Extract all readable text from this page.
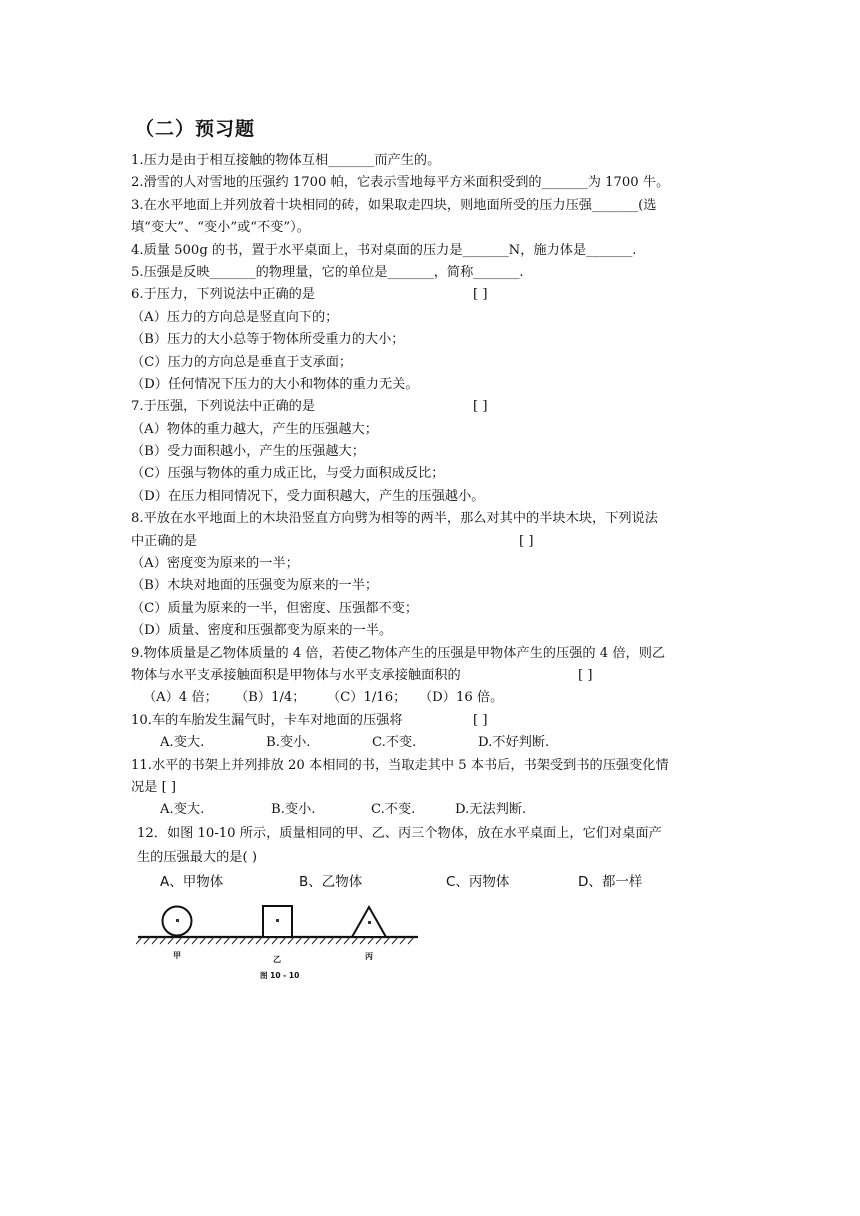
（二）预习题
1.压力是由于相互接触的物体互相_______而产生的。
2.滑雪的人对雪地的压强约 1700 帕，它表示雪地每平方米面积受到的_______为 1700 牛。
3.在水平地面上并列放着十块相同的砖，如果取走四块，则地面所受的压力压强_______(选
填“变大”、“变小”或“不变”）。
4.质量 500g 的书，置于水平桌面上，书对桌面的压力是_______N，施力体是_______.
5.压强是反映_______的物理量，它的单位是_______，简称_______.
6.于压力，下列说法中正确的是	[ ]
（A）压力的方向总是竖直向下的；
（B）压力的大小总等于物体所受重力的大小；
（C）压力的方向总是垂直于支承面；
（D）任何情况下压力的大小和物体的重力无关。
7.于压强，下列说法中正确的是	[ ]
（A）物体的重力越大，产生的压强越大；
（B）受力面积越小，产生的压强越大；
（C）压强与物体的重力成正比，与受力面积成反比；
（D）在压力相同情况下，受力面积越大，产生的压强越小。
8.平放在水平地面上的木块沿竖直方向劈为相等的两半，那么对其中的半块木块，下列说法
中正确的是	[ ]
（A）密度变为原来的一半；
（B）木块对地面的压强变为原来的一半；
（C）质量为原来的一半，但密度、压强都不变；
（D）质量、密度和压强都变为原来的一半。
9.物体质量是乙物体质量的 4 倍，若使乙物体产生的压强是甲物体产生的压强的 4 倍，则乙
物体与水平支承接触面积是甲物体与水平支承接触面积的	[ ]
（A）4 倍；	（B）1/4；	（C）1/16； （D）16 倍。
10.车的车胎发生漏气时，卡车对地面的压强将	[ ]
A.变大.	B.变小.	C.不变.	D.不好判断.
11.水平的书架上并列排放 20 本相同的书，当取走其中 5 本书后，书架受到书的压强变化情
况是 [ ]
A.变大.	B.变小.	C.不变.	D.无法判断.
12．如图 10-10 所示，质量相同的甲、乙、丙三个物体，放在水平桌面上，它们对桌面产
生的压强最大的是( )
A、甲物体	B、乙物体	C、丙物体	D、都一样
甲	乙	丙
图 10 - 10
